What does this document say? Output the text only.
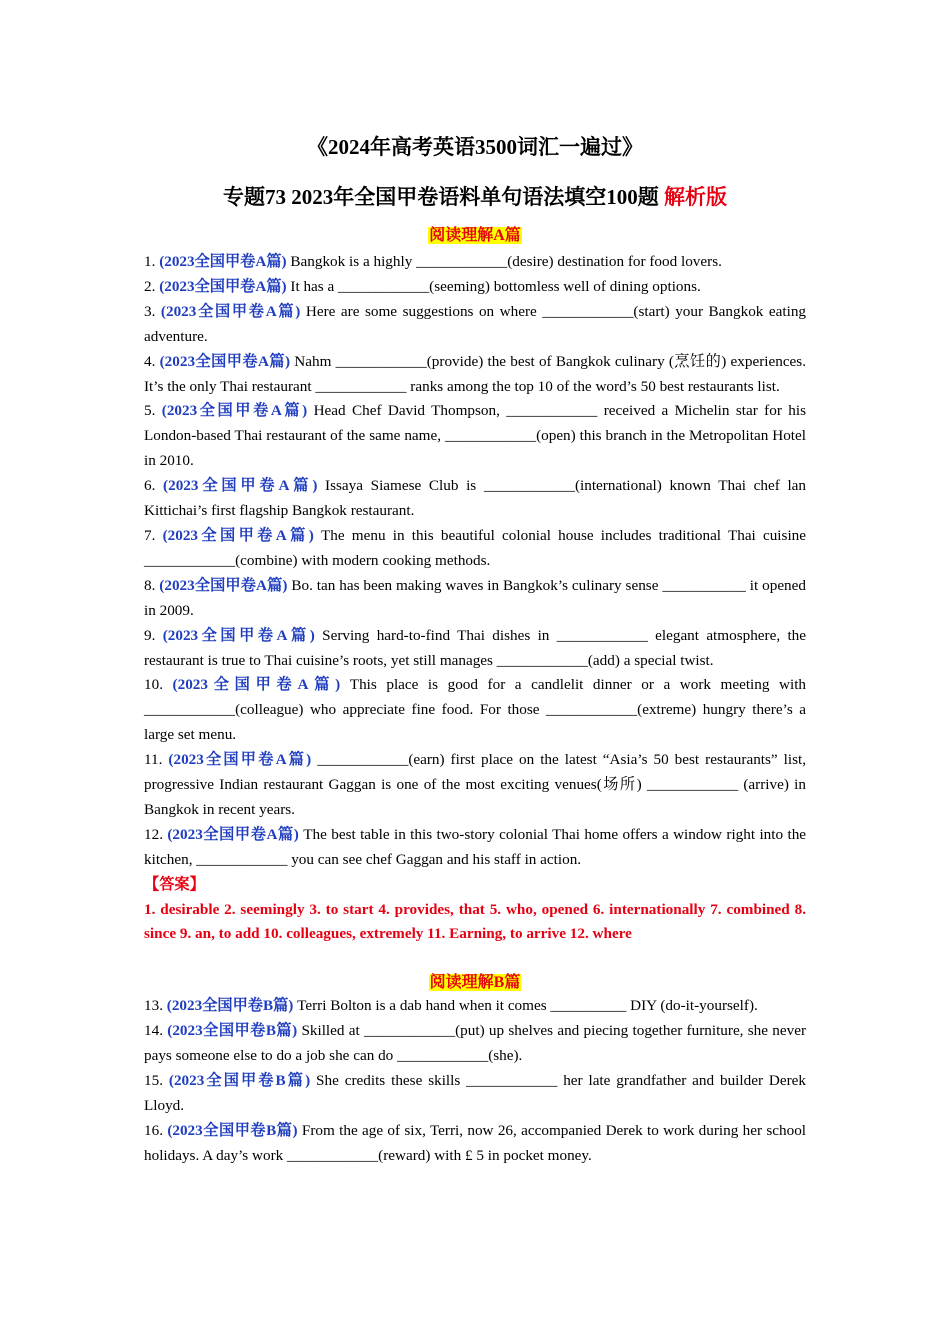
《2024年高考英语3500词汇一遍过》
专题73 2023年全国甲卷语料单句语法填空100题 解析版
阅读理解A篇

1. (2023全国甲卷A篇) Bangkok is a highly ____________(desire) destination for food lovers.

2. (2023全国甲卷A篇) It has a ____________(seeming) bottomless well of dining options.

3. (2023全国甲卷A篇) Here are some suggestions on where ____________(start) your Bangkok eating adventure.

4. (2023全国甲卷A篇) Nahm ____________(provide) the best of Bangkok culinary (烹饪的) experiences. It’s the only Thai restaurant ____________ ranks among the top 10 of the word’s 50 best restaurants list.

5. (2023全国甲卷A篇) Head Chef David Thompson, ____________ received a Michelin star for his London-based Thai restaurant of the same name, ____________(open) this branch in the Metropolitan Hotel in 2010.

6. (2023全国甲卷A篇) Issaya Siamese Club is ____________(international) known Thai chef lan Kittichai’s first flagship Bangkok restaurant.

7. (2023全国甲卷A篇) The menu in this beautiful colonial house includes traditional Thai cuisine ____________(combine) with modern cooking methods.

8. (2023全国甲卷A篇) Bo. tan has been making waves in Bangkok’s culinary sense ___________ it opened in 2009.

9. (2023全国甲卷A篇) Serving hard-to-find Thai dishes in ____________ elegant atmosphere, the restaurant is true to Thai cuisine’s roots, yet still manages ____________(add) a special twist.

10. (2023全国甲卷A篇) This place is good for a candlelit dinner or a work meeting with ____________(colleague) who appreciate fine food. For those ____________(extreme) hungry there’s a large set menu.

11. (2023全国甲卷A篇) ____________(earn) first place on the latest “Asia’s 50 best restaurants” list, progressive Indian restaurant Gaggan is one of the most exciting venues(场所) ____________ (arrive) in Bangkok in recent years.

12. (2023全国甲卷A篇) The best table in this two-story colonial Thai home offers a window right into the kitchen, ____________ you can see chef Gaggan and his staff in action.

【答案】

1. desirable 2. seemingly 3. to start 4. provides, that 5. who, opened 6. internationally 7. combined 8. since 9. an, to add 10. colleagues, extremely 11. Earning, to arrive 12. where

阅读理解B篇

13. (2023全国甲卷B篇) Terri Bolton is a dab hand when it comes __________ DIY (do-it-yourself).

14. (2023全国甲卷B篇) Skilled at ____________(put) up shelves and piecing together furniture, she never pays someone else to do a job she can do ____________(she).

15. (2023全国甲卷B篇) She credits these skills ____________ her late grandfather and builder Derek Lloyd.

16. (2023全国甲卷B篇) From the age of six, Terri, now 26, accompanied Derek to work during her school holidays. A day’s work ____________(reward) with £ 5 in pocket money.
